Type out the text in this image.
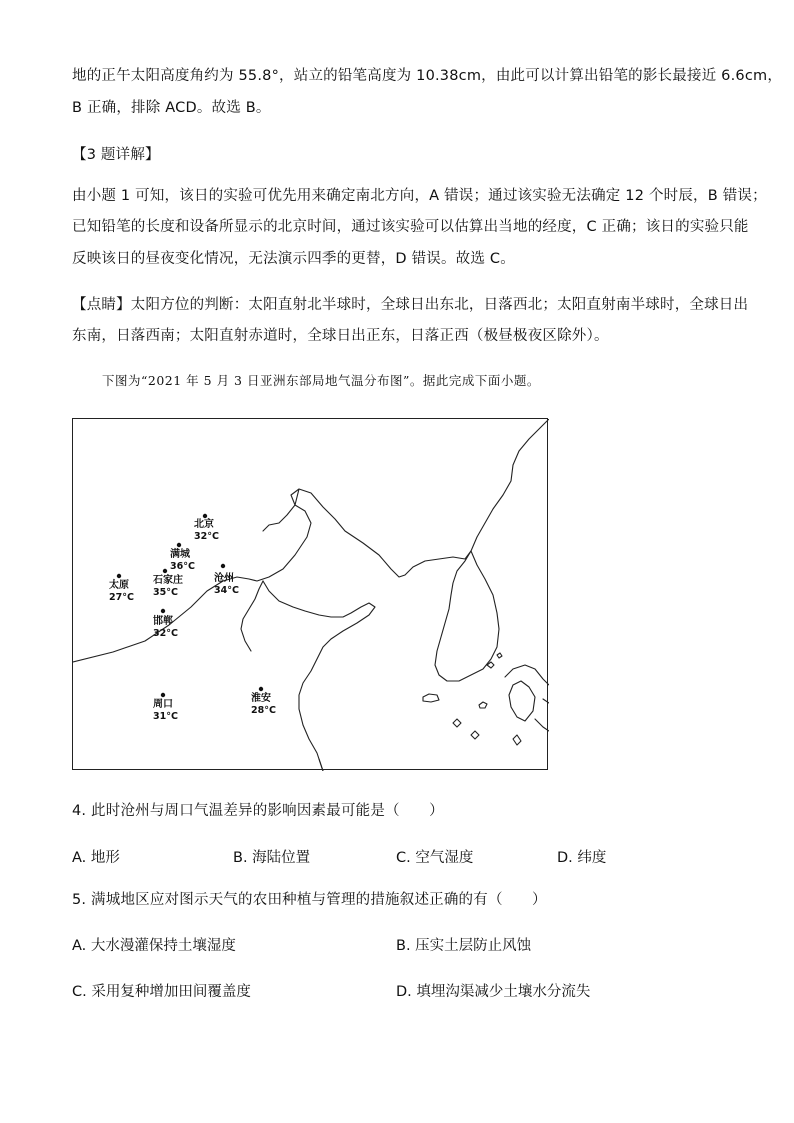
地的正午太阳高度角约为 55.8°，站立的铅笔高度为 10.38cm，由此可以计算出铅笔的影长最接近 6.6cm，
B 正确，排除 ACD。故选 B。
【3 题详解】
由小题 1 可知，该日的实验可优先用来确定南北方向，A 错误；通过该实验无法确定 12 个时辰，B 错误；
已知铅笔的长度和设备所显示的北京时间，通过该实验可以估算出当地的经度，C 正确；该日的实验只能
反映该日的昼夜变化情况，无法演示四季的更替，D 错误。故选 C。
【点睛】太阳方位的判断：太阳直射北半球时，全球日出东北，日落西北；太阳直射南半球时，全球日出
东南，日落西南；太阳直射赤道时，全球日出正东，日落正西（极昼极夜区除外）。
下图为“2021 年 5 月 3 日亚洲东部局地气温分布图”。据此完成下面小题。
北京
32°C
满城
36°C
石家庄
35°C
沧州
34°C
太原
27°C
邯郸
32°C
周口
31°C
淮安
28°C
4. 此时沧州与周口气温差异的影响因素最可能是（　　）
A. 地形	B. 海陆位置	C. 空气湿度	D. 纬度
5. 满城地区应对图示天气的农田种植与管理的措施叙述正确的有（　　）
A. 大水漫灌保持土壤湿度	B. 压实土层防止风蚀
C. 采用复种增加田间覆盖度	D. 填埋沟渠减少土壤水分流失
